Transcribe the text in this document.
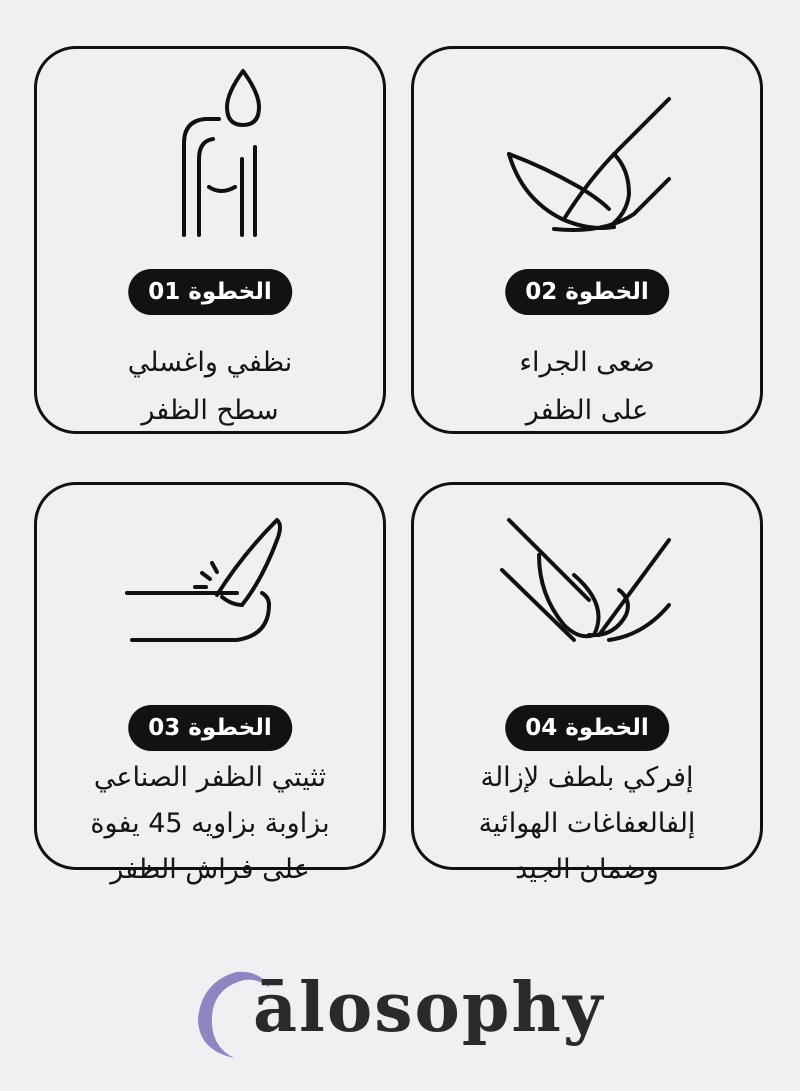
الخطوة 01
نظفي واغسلي
سطح الظفر
الخطوة 02
ضعى الجراء
على الظفر
الخطوة 03
ثثيتي الظفر الصناعي
بزاوبة بزاويه 45 يفوة
على فراش الظفر
الخطوة 04
إفركي بلطف لإزالة
إلفالعفاغات الهوائية
وضمان الجيد
ālosophy
